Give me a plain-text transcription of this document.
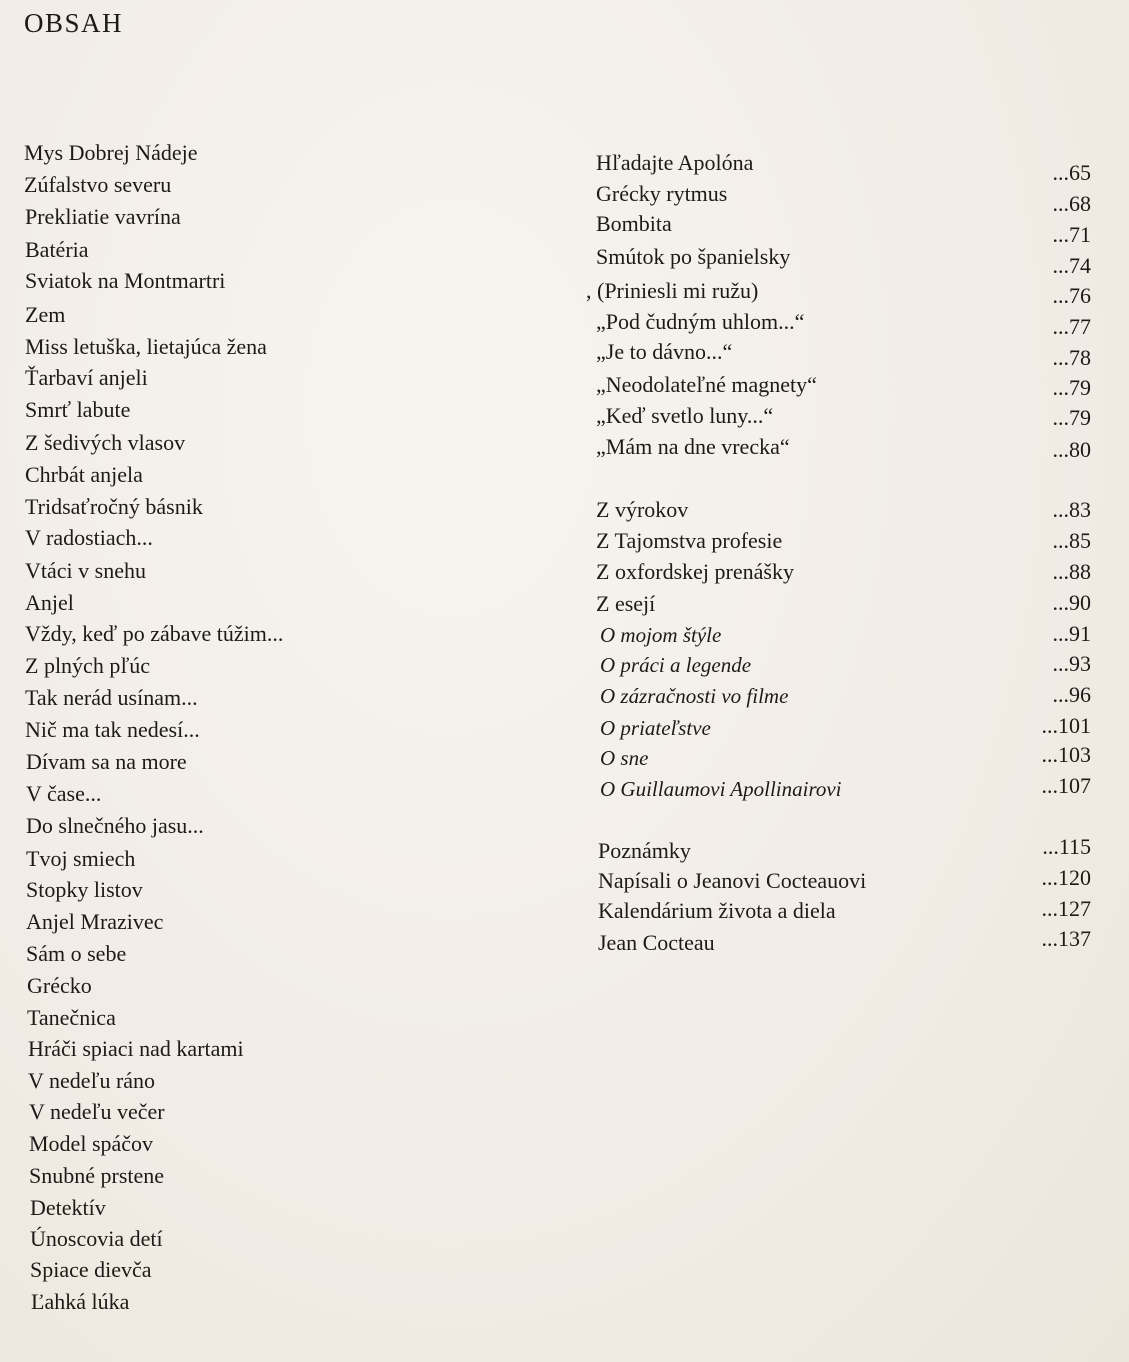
OBSAH
Mys Dobrej Nádeje
Zúfalstvo severu
Prekliatie vavrína
Batéria
Sviatok na Montmartri
Zem
Miss letuška, lietajúca žena
Ťarbaví anjeli
Smrť labute
Z šedivých vlasov
Chrbát anjela
Tridsaťročný básnik
V radostiach...
Vtáci v snehu
Anjel
Vždy, keď po zábave túžim...
Z plných pľúc
Tak nerád usínam...
Nič ma tak nedesí...
Dívam sa na more
V čase...
Do slnečného jasu...
Tvoj smiech
Stopky listov
Anjel Mrazivec
Sám o sebe
Grécko
Tanečnica
Hráči spiaci nad kartami
V nedeľu ráno
V nedeľu večer
Model spáčov
Snubné prstene
Detektív
Únoscovia detí
Spiace dievča
Ľahká lúka
Hľadajte Apolóna	...65
Grécky rytmus	...68
Bombita	...71
Smútok po španielsky	...74
, (Priniesli mi ružu)	...76
„Pod čudným uhlom...“	...77
„Je to dávno...“	...78
„Neodolateľné magnety“	...79
„Keď svetlo luny...“	...79
„Mám na dne vrecka“	...80
Z výrokov	...83
Z Tajomstva profesie	...85
Z oxfordskej prenášky	...88
Z esejí	...90
O mojom štýle	...91
O práci a legende	...93
O zázračnosti vo filme	...96
O priateľstve	...101
O sne	...103
O Guillaumovi Apollinairovi	...107
Poznámky	...115
Napísali o Jeanovi Cocteauovi	...120
Kalendárium života a diela	...127
Jean Cocteau	...137
